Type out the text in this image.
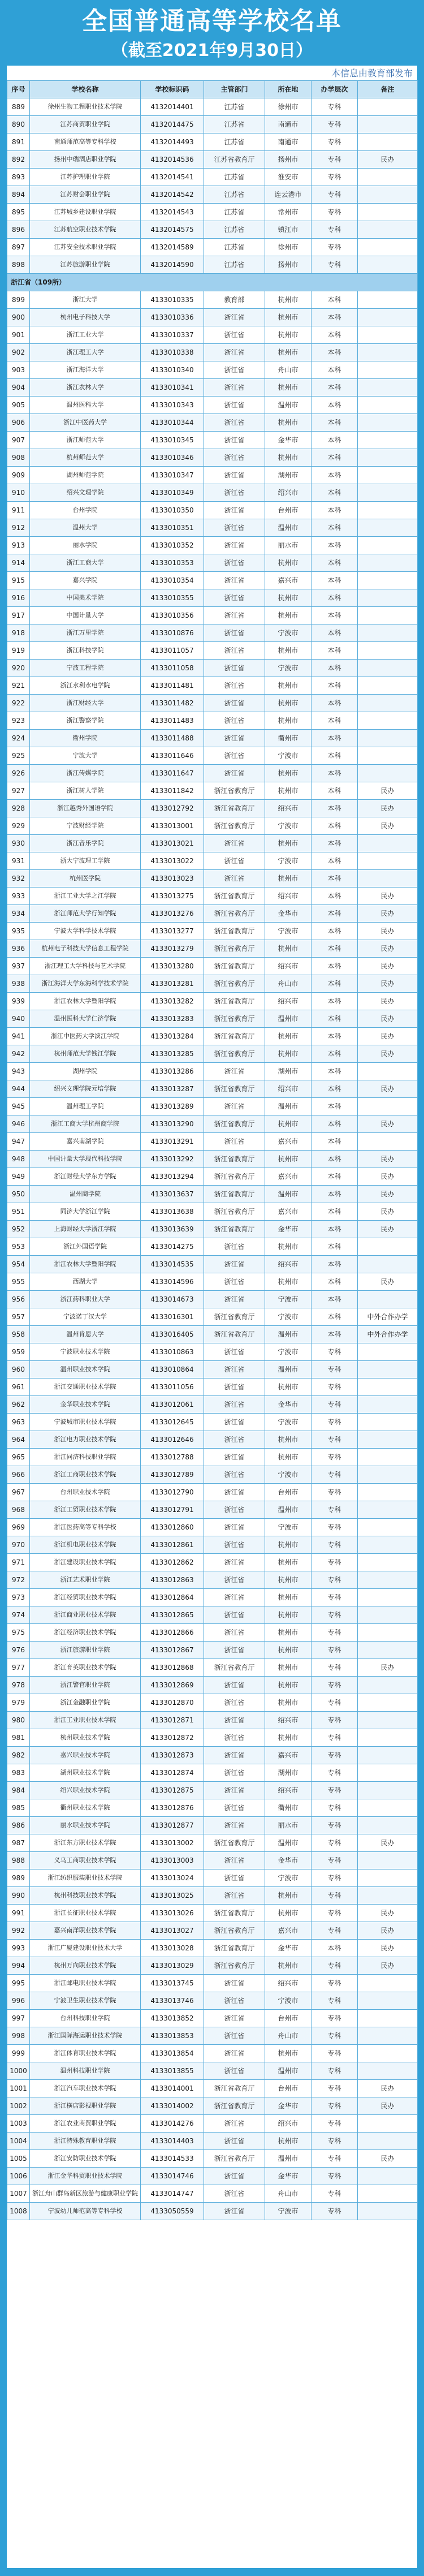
全国普通高等学校名单
（截至2021年9月30日）
本信息由教育部发布
序号	学校名称	学校标识码	主管部门	所在地	办学层次	备注
889	徐州生物工程职业技术学院	4132014401	江苏省	徐州市	专科	
890	江苏商贸职业学院	4132014475	江苏省	南通市	专科	
891	南通师范高等专科学校	4132014493	江苏省	南通市	专科	
892	扬州中瑞酒店职业学院	4132014536	江苏省教育厅	扬州市	专科	民办
893	江苏护理职业学院	4132014541	江苏省	淮安市	专科	
894	江苏财会职业学院	4132014542	江苏省	连云港市	专科	
895	江苏城乡建设职业学院	4132014543	江苏省	常州市	专科	
896	江苏航空职业技术学院	4132014575	江苏省	镇江市	专科	
897	江苏安全技术职业学院	4132014589	江苏省	徐州市	专科	
898	江苏旅游职业学院	4132014590	江苏省	扬州市	专科	
浙江省（109所）						
899	浙江大学	4133010335	教育部	杭州市	本科	
900	杭州电子科技大学	4133010336	浙江省	杭州市	本科	
901	浙江工业大学	4133010337	浙江省	杭州市	本科	
902	浙江理工大学	4133010338	浙江省	杭州市	本科	
903	浙江海洋大学	4133010340	浙江省	舟山市	本科	
904	浙江农林大学	4133010341	浙江省	杭州市	本科	
905	温州医科大学	4133010343	浙江省	温州市	本科	
906	浙江中医药大学	4133010344	浙江省	杭州市	本科	
907	浙江师范大学	4133010345	浙江省	金华市	本科	
908	杭州师范大学	4133010346	浙江省	杭州市	本科	
909	湖州师范学院	4133010347	浙江省	湖州市	本科	
910	绍兴文理学院	4133010349	浙江省	绍兴市	本科	
911	台州学院	4133010350	浙江省	台州市	本科	
912	温州大学	4133010351	浙江省	温州市	本科	
913	丽水学院	4133010352	浙江省	丽水市	本科	
914	浙江工商大学	4133010353	浙江省	杭州市	本科	
915	嘉兴学院	4133010354	浙江省	嘉兴市	本科	
916	中国美术学院	4133010355	浙江省	杭州市	本科	
917	中国计量大学	4133010356	浙江省	杭州市	本科	
918	浙江万里学院	4133010876	浙江省	宁波市	本科	
919	浙江科技学院	4133011057	浙江省	杭州市	本科	
920	宁波工程学院	4133011058	浙江省	宁波市	本科	
921	浙江水利水电学院	4133011481	浙江省	杭州市	本科	
922	浙江财经大学	4133011482	浙江省	杭州市	本科	
923	浙江警察学院	4133011483	浙江省	杭州市	本科	
924	衢州学院	4133011488	浙江省	衢州市	本科	
925	宁波大学	4133011646	浙江省	宁波市	本科	
926	浙江传媒学院	4133011647	浙江省	杭州市	本科	
927	浙江树人学院	4133011842	浙江省教育厅	杭州市	本科	民办
928	浙江越秀外国语学院	4133012792	浙江省教育厅	绍兴市	本科	民办
929	宁波财经学院	4133013001	浙江省教育厅	宁波市	本科	民办
930	浙江音乐学院	4133013021	浙江省	杭州市	本科	
931	浙大宁波理工学院	4133013022	浙江省	宁波市	本科	
932	杭州医学院	4133013023	浙江省	杭州市	本科	
933	浙江工业大学之江学院	4133013275	浙江省教育厅	绍兴市	本科	民办
934	浙江师范大学行知学院	4133013276	浙江省教育厅	金华市	本科	民办
935	宁波大学科学技术学院	4133013277	浙江省教育厅	宁波市	本科	民办
936	杭州电子科技大学信息工程学院	4133013279	浙江省教育厅	杭州市	本科	民办
937	浙江理工大学科技与艺术学院	4133013280	浙江省教育厅	绍兴市	本科	民办
938	浙江海洋大学东海科学技术学院	4133013281	浙江省教育厅	舟山市	本科	民办
939	浙江农林大学暨阳学院	4133013282	浙江省教育厅	绍兴市	本科	民办
940	温州医科大学仁济学院	4133013283	浙江省教育厅	温州市	本科	民办
941	浙江中医药大学滨江学院	4133013284	浙江省教育厅	杭州市	本科	民办
942	杭州师范大学钱江学院	4133013285	浙江省教育厅	杭州市	本科	民办
943	湖州学院	4133013286	浙江省	湖州市	本科	
944	绍兴文理学院元培学院	4133013287	浙江省教育厅	绍兴市	本科	民办
945	温州理工学院	4133013289	浙江省	温州市	本科	
946	浙江工商大学杭州商学院	4133013290	浙江省教育厅	杭州市	本科	民办
947	嘉兴南湖学院	4133013291	浙江省	嘉兴市	本科	
948	中国计量大学现代科技学院	4133013292	浙江省教育厅	杭州市	本科	民办
949	浙江财经大学东方学院	4133013294	浙江省教育厅	嘉兴市	本科	民办
950	温州商学院	4133013637	浙江省教育厅	温州市	本科	民办
951	同济大学浙江学院	4133013638	浙江省教育厅	嘉兴市	本科	民办
952	上海财经大学浙江学院	4133013639	浙江省教育厅	金华市	本科	民办
953	浙江外国语学院	4133014275	浙江省	杭州市	本科	
954	浙江农林大学暨阳学院	4133014535	浙江省	绍兴市	本科	
955	西湖大学	4133014596	浙江省	杭州市	本科	民办
956	浙江药科职业大学	4133014673	浙江省	宁波市	本科	
957	宁波诺丁汉大学	4133016301	浙江省教育厅	宁波市	本科	中外合作办学
958	温州肯恩大学	4133016405	浙江省教育厅	温州市	本科	中外合作办学
959	宁波职业技术学院	4133010863	浙江省	宁波市	专科	
960	温州职业技术学院	4133010864	浙江省	温州市	专科	
961	浙江交通职业技术学院	4133011056	浙江省	杭州市	专科	
962	金华职业技术学院	4133012061	浙江省	金华市	专科	
963	宁波城市职业技术学院	4133012645	浙江省	宁波市	专科	
964	浙江电力职业技术学院	4133012646	浙江省	杭州市	专科	
965	浙江同济科技职业学院	4133012788	浙江省	杭州市	专科	
966	浙江工商职业技术学院	4133012789	浙江省	宁波市	专科	
967	台州职业技术学院	4133012790	浙江省	台州市	专科	
968	浙江工贸职业技术学院	4133012791	浙江省	温州市	专科	
969	浙江医药高等专科学校	4133012860	浙江省	宁波市	专科	
970	浙江机电职业技术学院	4133012861	浙江省	杭州市	专科	
971	浙江建设职业技术学院	4133012862	浙江省	杭州市	专科	
972	浙江艺术职业学院	4133012863	浙江省	杭州市	专科	
973	浙江经贸职业技术学院	4133012864	浙江省	杭州市	专科	
974	浙江商业职业技术学院	4133012865	浙江省	杭州市	专科	
975	浙江经济职业技术学院	4133012866	浙江省	杭州市	专科	
976	浙江旅游职业学院	4133012867	浙江省	杭州市	专科	
977	浙江育英职业技术学院	4133012868	浙江省教育厅	杭州市	专科	民办
978	浙江警官职业学院	4133012869	浙江省	杭州市	专科	
979	浙江金融职业学院	4133012870	浙江省	杭州市	专科	
980	浙江工业职业技术学院	4133012871	浙江省	绍兴市	专科	
981	杭州职业技术学院	4133012872	浙江省	杭州市	专科	
982	嘉兴职业技术学院	4133012873	浙江省	嘉兴市	专科	
983	湖州职业技术学院	4133012874	浙江省	湖州市	专科	
984	绍兴职业技术学院	4133012875	浙江省	绍兴市	专科	
985	衢州职业技术学院	4133012876	浙江省	衢州市	专科	
986	丽水职业技术学院	4133012877	浙江省	丽水市	专科	
987	浙江东方职业技术学院	4133013002	浙江省教育厅	温州市	专科	民办
988	义乌工商职业技术学院	4133013003	浙江省	金华市	专科	
989	浙江纺织服装职业技术学院	4133013024	浙江省	宁波市	专科	
990	杭州科技职业技术学院	4133013025	浙江省	杭州市	专科	
991	浙江长征职业技术学院	4133013026	浙江省教育厅	杭州市	专科	民办
992	嘉兴南洋职业技术学院	4133013027	浙江省教育厅	嘉兴市	专科	民办
993	浙江广厦建设职业技术大学	4133013028	浙江省教育厅	金华市	本科	民办
994	杭州万向职业技术学院	4133013029	浙江省教育厅	杭州市	专科	民办
995	浙江邮电职业技术学院	4133013745	浙江省	绍兴市	专科	
996	宁波卫生职业技术学院	4133013746	浙江省	宁波市	专科	
997	台州科技职业学院	4133013852	浙江省	台州市	专科	
998	浙江国际海运职业技术学院	4133013853	浙江省	舟山市	专科	
999	浙江体育职业技术学院	4133013854	浙江省	杭州市	专科	
1000	温州科技职业学院	4133013855	浙江省	温州市	专科	
1001	浙江汽车职业技术学院	4133014001	浙江省教育厅	台州市	专科	民办
1002	浙江横店影视职业学院	4133014002	浙江省教育厅	金华市	专科	民办
1003	浙江农业商贸职业学院	4133014276	浙江省	绍兴市	专科	
1004	浙江特殊教育职业学院	4133014403	浙江省	杭州市	专科	
1005	浙江安防职业技术学院	4133014533	浙江省教育厅	温州市	专科	民办
1006	浙江金华科贸职业技术学院	4133014746	浙江省	金华市	专科	
1007	浙江舟山群岛新区旅游与健康职业学院	4133014747	浙江省	舟山市	专科	
1008	宁波幼儿师范高等专科学校	4133050559	浙江省	宁波市	专科	
